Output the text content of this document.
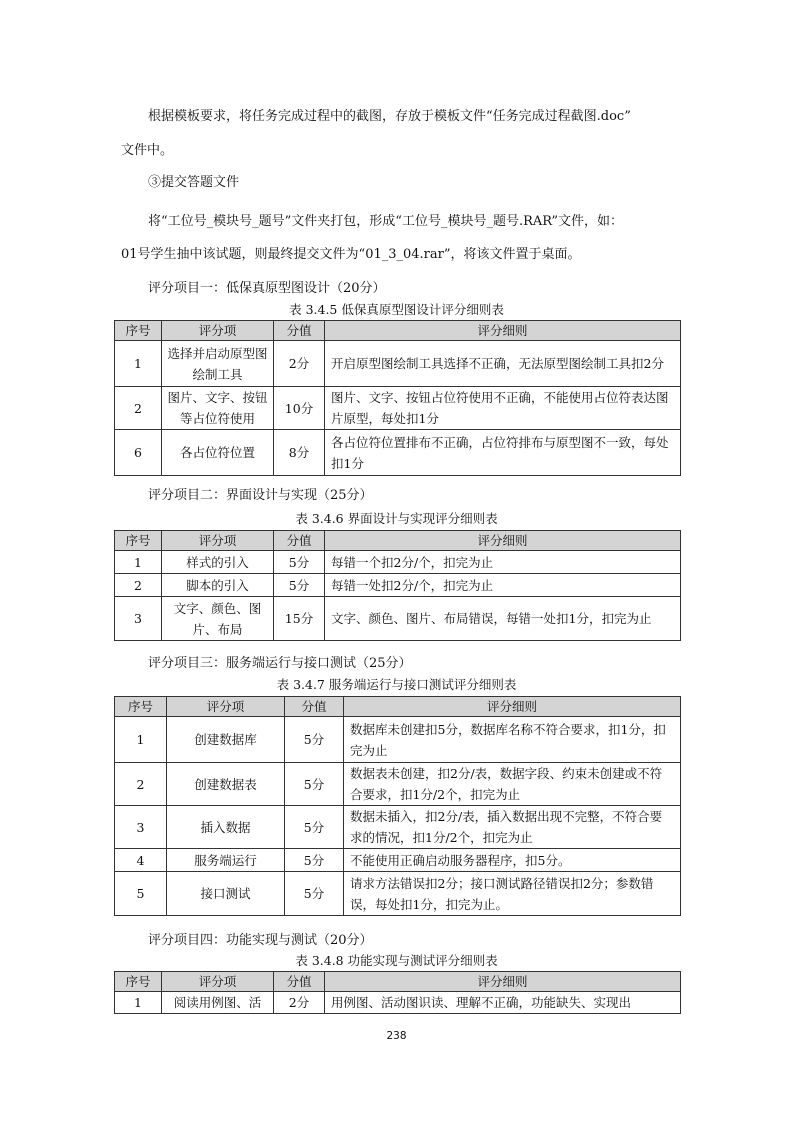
根据模板要求，将任务完成过程中的截图，存放于模板文件“任务完成过程截图.doc”
文件中。
③提交答题文件
将“工位号_模块号_题号”文件夹打包，形成“工位号_模块号_题号.RAR”文件，如：
01号学生抽中该试题，则最终提交文件为“01_3_04.rar”，将该文件置于桌面。
评分项目一：低保真原型图设计（20分）
表 3.4.5 低保真原型图设计评分细则表
序号	评分项	分值	评分细则
1	选择并启动原型图绘制工具	2分	开启原型图绘制工具选择不正确，无法原型图绘制工具扣2分
2	图片、文字、按钮等占位符使用	10分	图片、文字、按钮占位符使用不正确，不能使用占位符表达图片原型，每处扣1分
6	各占位符位置	8分	各占位符位置排布不正确，占位符排布与原型图不一致，每处扣1分
评分项目二：界面设计与实现（25分）
表 3.4.6 界面设计与实现评分细则表
序号	评分项	分值	评分细则
1	样式的引入	5分	每错一个扣2分/个，扣完为止
2	脚本的引入	5分	每错一处扣2分/个，扣完为止
3	文字、颜色、图片、布局	15分	文字、颜色、图片、布局错误，每错一处扣1分，扣完为止
评分项目三：服务端运行与接口测试（25分）
表 3.4.7 服务端运行与接口测试评分细则表
序号	评分项	分值	评分细则
1	创建数据库	5分	数据库未创建扣5分，数据库名称不符合要求，扣1分，扣完为止
2	创建数据表	5分	数据表未创建，扣2分/表，数据字段、约束未创建或不符合要求，扣1分/2个，扣完为止
3	插入数据	5分	数据未插入，扣2分/表，插入数据出现不完整，不符合要求的情况，扣1分/2个，扣完为止
4	服务端运行	5分	不能使用正确启动服务器程序，扣5分。
5	接口测试	5分	请求方法错误扣2分；接口测试路径错误扣2分；参数错误，每处扣1分，扣完为止。
评分项目四：功能实现与测试（20分）
表 3.4.8 功能实现与测试评分细则表
序号	评分项	分值	评分细则
1	阅读用例图、活	2分	用例图、活动图识读、理解不正确，功能缺失、实现出
238
